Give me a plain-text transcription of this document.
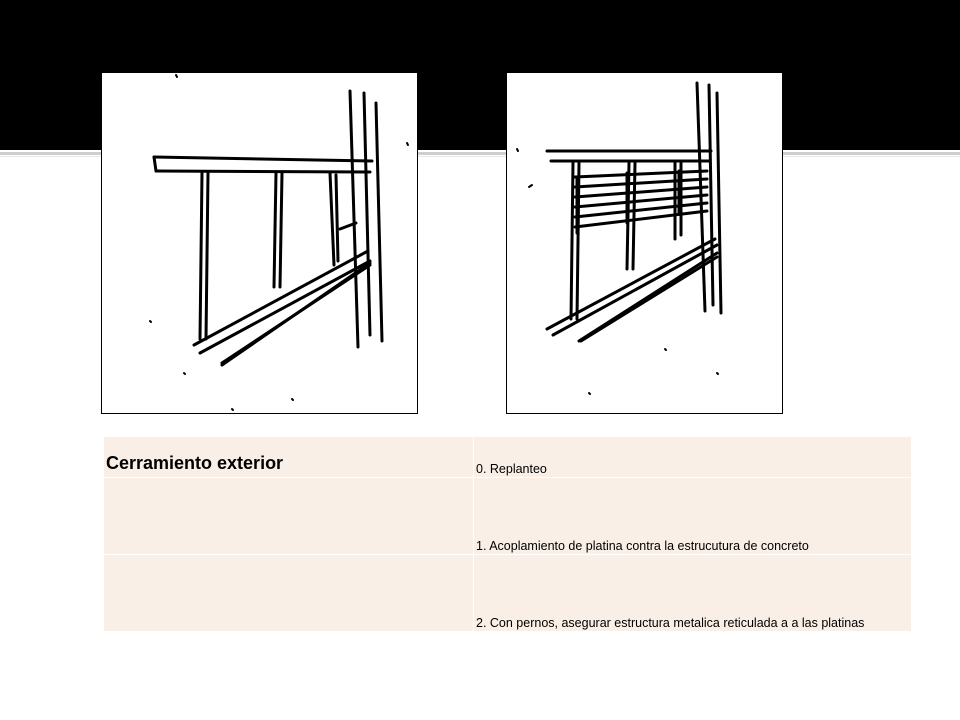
Cerramiento exterior	0. Replanteo

	1. Acoplamiento de platina contra la estrucutura de concreto

	2. Con pernos, asegurar estructura metalica reticulada a a las platinas
